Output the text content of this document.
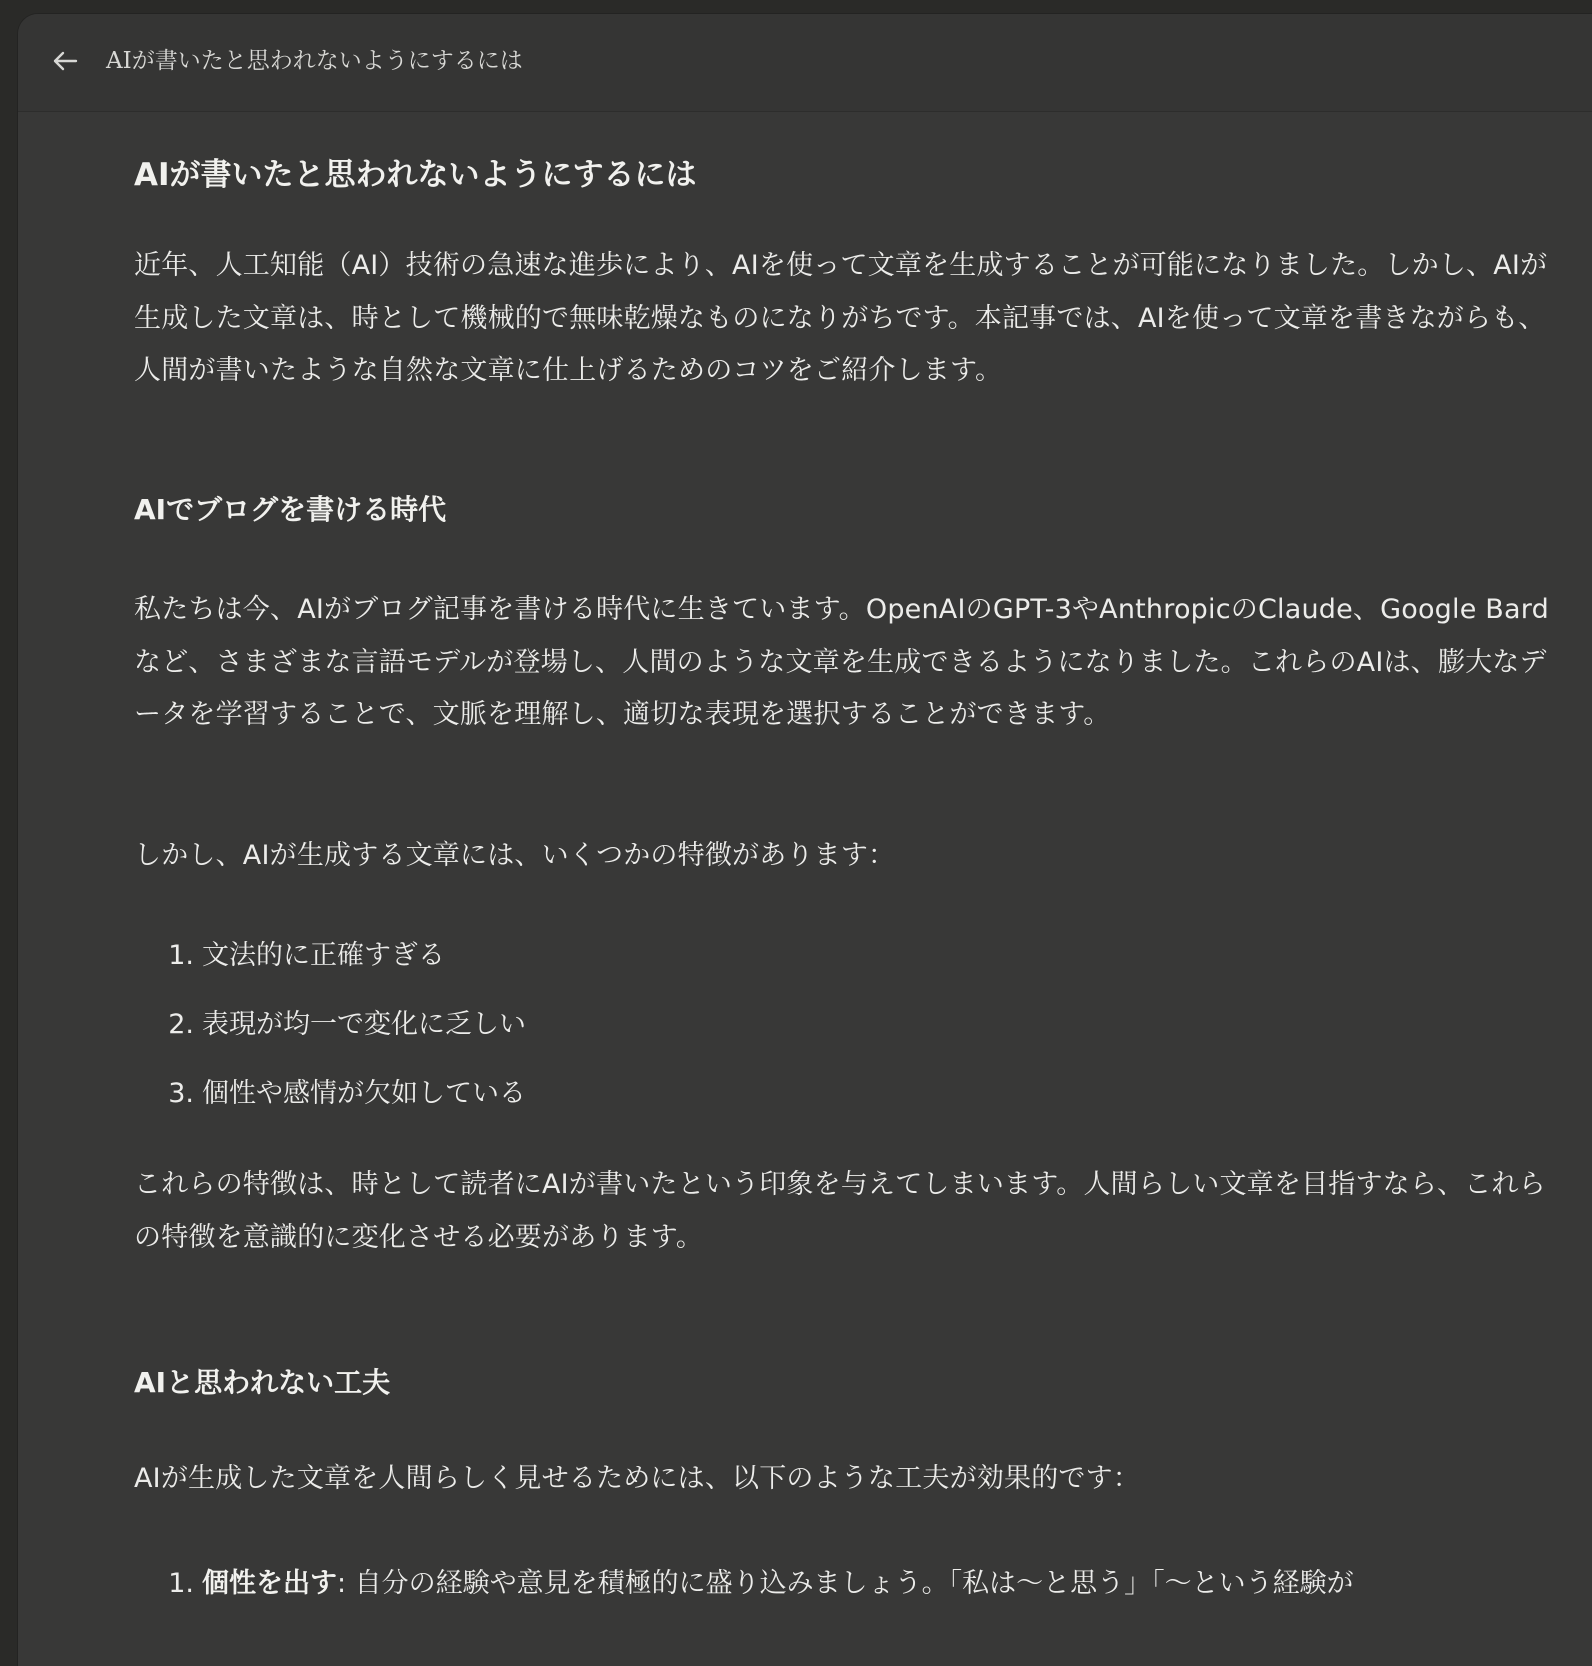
AIが書いたと思われないようにするには
AIが書いたと思われないようにするには

近年、人工知能（AI）技術の急速な進歩により、AIを使って文章を生成することが可能になりました。しかし、AIが生成した文章は、時として機械的で無味乾燥なものになりがちです。本記事では、AIを使って文章を書きながらも、人間が書いたような自然な文章に仕上げるためのコツをご紹介します。

AIでブログを書ける時代

私たちは今、AIがブログ記事を書ける時代に生きています。OpenAIのGPT-3やAnthropicのClaude、Google Bardなど、さまざまな言語モデルが登場し、人間のような文章を生成できるようになりました。これらのAIは、膨大なデータを学習することで、文脈を理解し、適切な表現を選択することができます。

しかし、AIが生成する文章には、いくつかの特徴があります：

1. 文法的に正確すぎる
2. 表現が均一で変化に乏しい
3. 個性や感情が欠如している

これらの特徴は、時として読者にAIが書いたという印象を与えてしまいます。人間らしい文章を目指すなら、これらの特徴を意識的に変化させる必要があります。

AIと思われない工夫

AIが生成した文章を人間らしく見せるためには、以下のような工夫が効果的です：

1. 個性を出す: 自分の経験や意見を積極的に盛り込みましょう。「私は〜と思う」「〜という経験が
